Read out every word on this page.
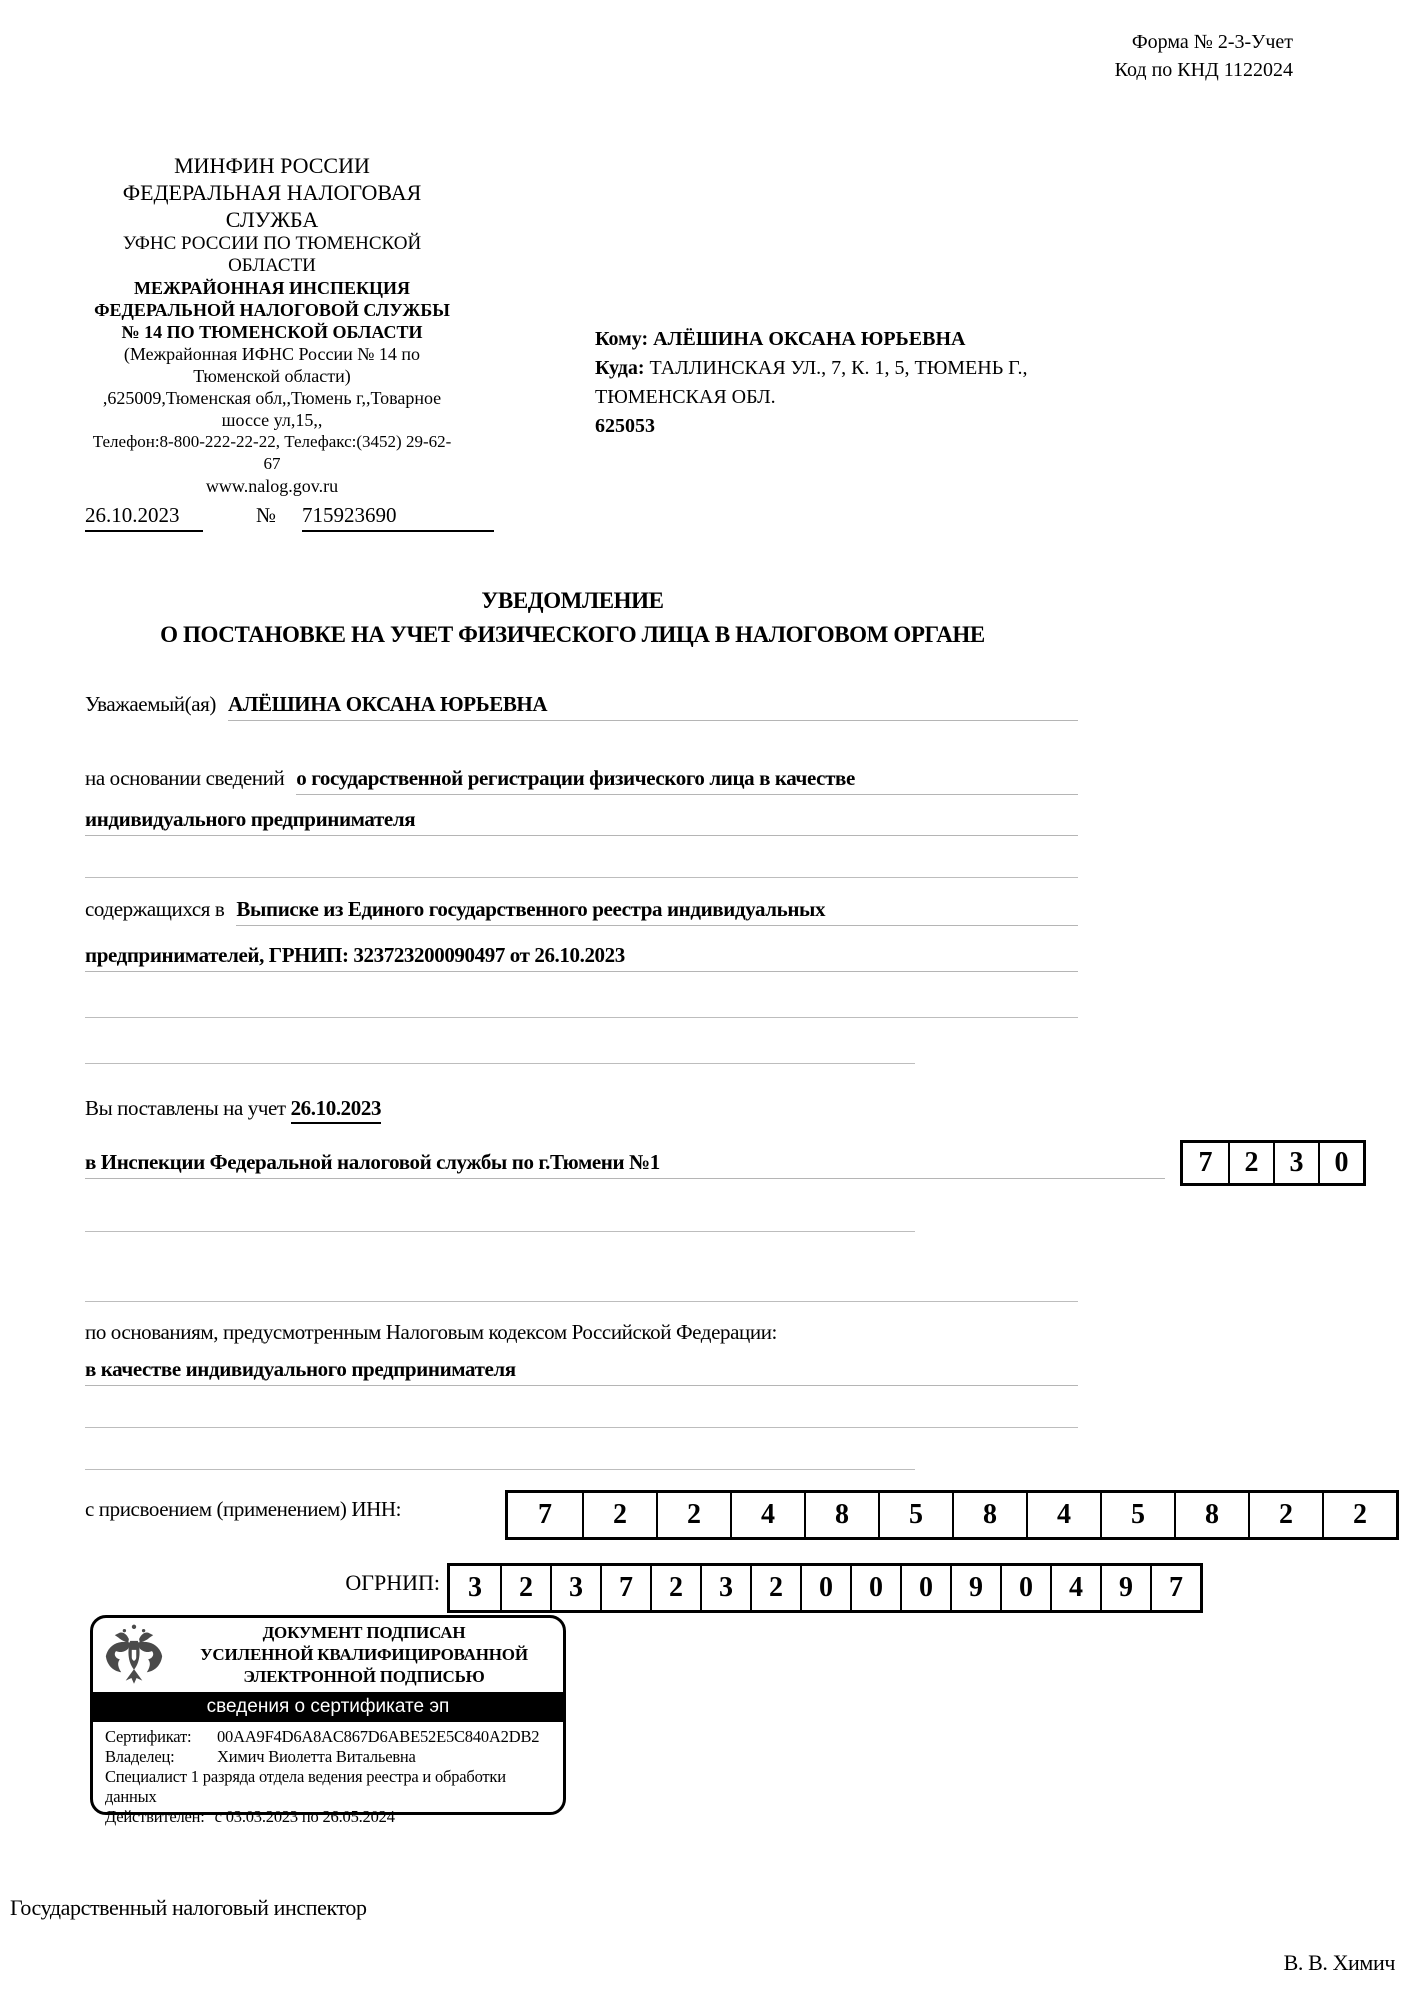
Форма № 2-3-Учет
Код по КНД 1122024
МИНФИН РОССИИ
ФЕДЕРАЛЬНАЯ НАЛОГОВАЯ СЛУЖБА
УФНС РОССИИ ПО ТЮМЕНСКОЙ ОБЛАСТИ
МЕЖРАЙОННАЯ ИНСПЕКЦИЯ ФЕДЕРАЛЬНОЙ НАЛОГОВОЙ СЛУЖБЫ № 14 ПО ТЮМЕНСКОЙ ОБЛАСТИ
(Межрайонная ИФНС России № 14 по Тюменской области)
,625009,Тюменская обл,,Тюмень г,,Товарное шоссе ул,15,,
Телефон:8-800-222-22-22, Телефакс:(3452) 29-62-67
www.nalog.gov.ru
Кому: АЛЁШИНА ОКСАНА ЮРЬЕВНА
Куда: ТАЛЛИНСКАЯ УЛ., 7, К. 1, 5, ТЮМЕНЬ Г., ТЮМЕНСКАЯ ОБЛ.
625053
26.10.2023	№ 715923690
УВЕДОМЛЕНИЕ
О ПОСТАНОВКЕ НА УЧЕТ ФИЗИЧЕСКОГО ЛИЦА В НАЛОГОВОМ ОРГАНЕ
Уважаемый(ая) АЛЁШИНА ОКСАНА ЮРЬЕВНА
на основании сведений о государственной регистрации физического лица в качестве
индивидуального предпринимателя
содержащихся в Выписке из Единого государственного реестра индивидуальных
предпринимателей, ГРНИП: 323723200090497 от 26.10.2023
Вы поставлены на учет 26.10.2023
в Инспекции Федеральной налоговой службы по г.Тюмени №1	7	2	3	0
по основаниям, предусмотренным Налоговым кодексом Российской Федерации:
в качестве индивидуального предпринимателя
с присвоением (применением) ИНН:	7	2	2	4	8	5	8	4	5	8	2	2
ОГРНИП:	3	2	3	7	2	3	2	0	0	0	9	0	4	9	7
ДОКУМЕНТ ПОДПИСАН
УСИЛЕННОЙ КВАЛИФИЦИРОВАННОЙ
ЭЛЕКТРОННОЙ ПОДПИСЬЮ
сведения о сертификате эп
Сертификат:	00AA9F4D6A8AC867D6ABE52E5C840A2DB2
Владелец:	Химич Виолетта Витальевна
Специалист 1 разряда отдела ведения реестра и обработки данных
Действителен: с 03.03.2023 по 26.05.2024
Государственный налоговый инспектор
В. В. Химич
